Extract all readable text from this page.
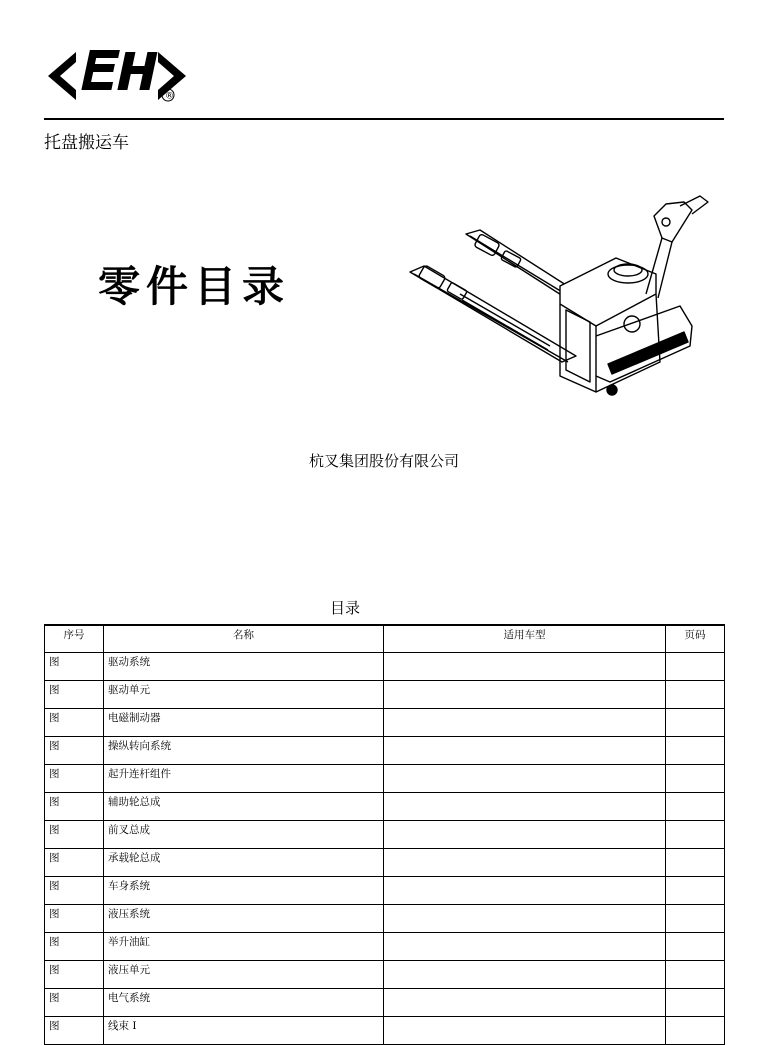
HC
®
托盘搬运车
零件目录
杭叉集团股份有限公司
目录
序号	名称	适用车型	页码
图	驱动系统		
图	驱动单元		
图	电磁制动器		
图	操纵转向系统		
图	起升连杆组件		
图	辅助轮总成		
图	前叉总成		
图	承载轮总成		
图	车身系统		
图	液压系统		
图	举升油缸		
图	液压单元		
图	电气系统		
图	线束 I		
